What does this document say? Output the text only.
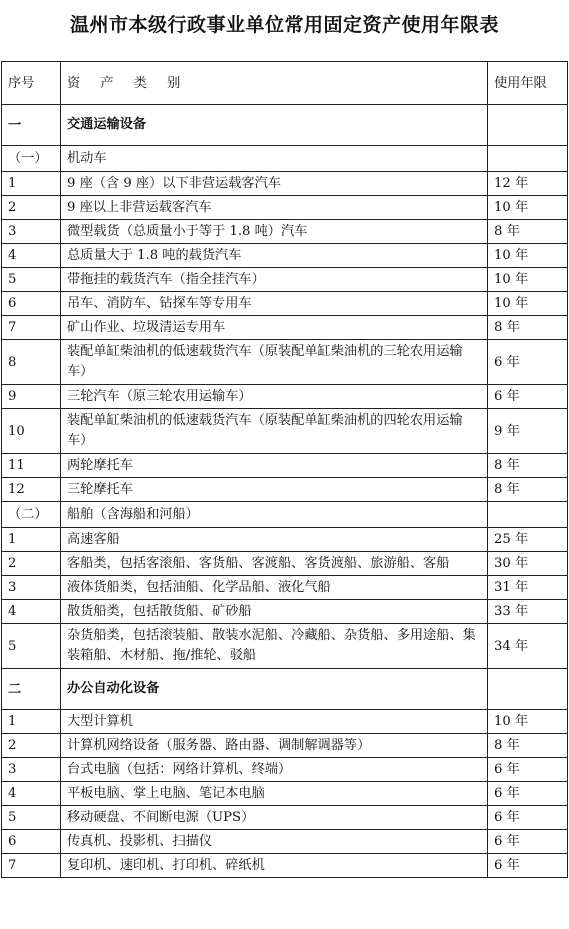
温州市本级行政事业单位常用固定资产使用年限表
序号	资 产 类 别	使用年限
一	交通运输设备	
（一）	机动车	
1	9 座（含 9 座）以下非营运载客汽车	12 年
2	9 座以上非营运载客汽车	10 年
3	微型载货（总质量小于等于 1.8 吨）汽车	8 年
4	总质量大于 1.8 吨的载货汽车	10 年
5	带拖挂的载货汽车（指全挂汽车）	10 年
6	吊车、消防车、钻探车等专用车	10 年
7	矿山作业、垃圾清运专用车	8 年
8	装配单缸柴油机的低速载货汽车（原装配单缸柴油机的三轮农用运输车）	6 年
9	三轮汽车（原三轮农用运输车）	6 年
10	装配单缸柴油机的低速载货汽车（原装配单缸柴油机的四轮农用运输车）	9 年
11	两轮摩托车	8 年
12	三轮摩托车	8 年
（二）	船舶（含海船和河船）	
1	高速客船	25 年
2	客船类，包括客滚船、客货船、客渡船、客货渡船、旅游船、客船	30 年
3	液体货船类，包括油船、化学品船、液化气船	31 年
4	散货船类，包括散货船、矿砂船	33 年
5	杂货船类，包括滚装船、散装水泥船、冷藏船、杂货船、多用途船、集装箱船、木材船、拖/推轮、驳船	34 年
二	办公自动化设备	
1	大型计算机	10 年
2	计算机网络设备（服务器、路由器、调制解调器等）	8 年
3	台式电脑（包括：网络计算机、终端）	6 年
4	平板电脑、掌上电脑、笔记本电脑	6 年
5	移动硬盘、不间断电源（UPS）	6 年
6	传真机、投影机、扫描仪	6 年
7	复印机、速印机、打印机、碎纸机	6 年
